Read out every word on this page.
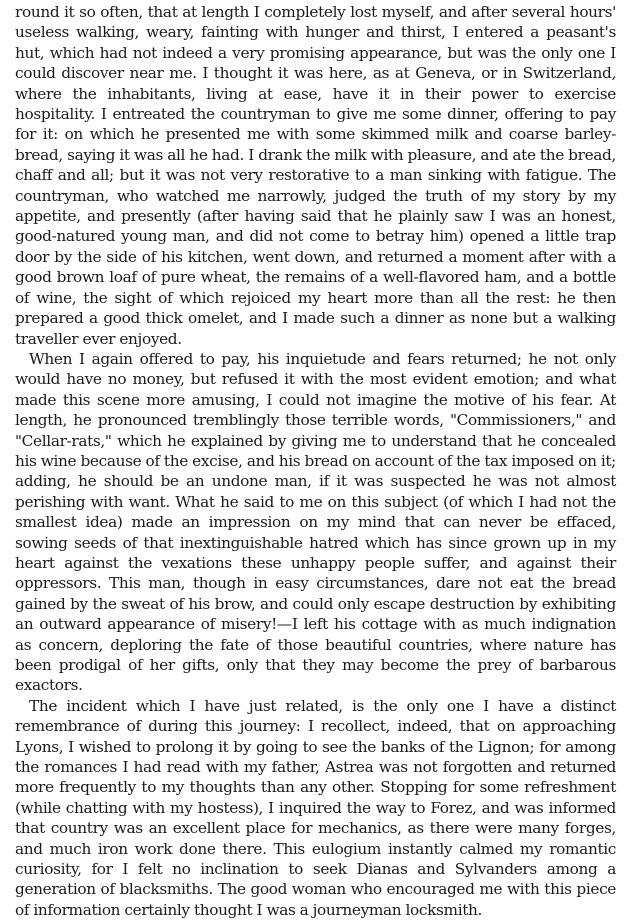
round it so often, that at length I completely lost myself, and after several hours' useless walking, weary, fainting with hunger and thirst, I entered a peasant's hut, which had not indeed a very promising appearance, but was the only one I could discover near me. I thought it was here, as at Geneva, or in Switzerland, where the inhabitants, living at ease, have it in their power to exercise hospitality. I entreated the countryman to give me some dinner, offering to pay for it: on which he presented me with some skimmed milk and coarse barley-bread, saying it was all he had. I drank the milk with pleasure, and ate the bread, chaff and all; but it was not very restorative to a man sinking with fatigue. The countryman, who watched me narrowly, judged the truth of my story by my appetite, and presently (after having said that he plainly saw I was an honest, good-natured young man, and did not come to betray him) opened a little trap door by the side of his kitchen, went down, and returned a moment after with a good brown loaf of pure wheat, the remains of a well-flavored ham, and a bottle of wine, the sight of which rejoiced my heart more than all the rest: he then prepared a good thick omelet, and I made such a dinner as none but a walking traveller ever enjoyed.

When I again offered to pay, his inquietude and fears returned; he not only would have no money, but refused it with the most evident emotion; and what made this scene more amusing, I could not imagine the motive of his fear. At length, he pronounced tremblingly those terrible words, "Commissioners," and "Cellar-rats," which he explained by giving me to understand that he concealed his wine because of the excise, and his bread on account of the tax imposed on it; adding, he should be an undone man, if it was suspected he was not almost perishing with want. What he said to me on this subject (of which I had not the smallest idea) made an impression on my mind that can never be effaced, sowing seeds of that inextinguishable hatred which has since grown up in my heart against the vexations these unhappy people suffer, and against their oppressors. This man, though in easy circumstances, dare not eat the bread gained by the sweat of his brow, and could only escape destruction by exhibiting an outward appearance of misery!—I left his cottage with as much indignation as concern, deploring the fate of those beautiful countries, where nature has been prodigal of her gifts, only that they may become the prey of barbarous exactors.

The incident which I have just related, is the only one I have a distinct remembrance of during this journey: I recollect, indeed, that on approaching Lyons, I wished to prolong it by going to see the banks of the Lignon; for among the romances I had read with my father, Astrea was not forgotten and returned more frequently to my thoughts than any other. Stopping for some refreshment (while chatting with my hostess), I inquired the way to Forez, and was informed that country was an excellent place for mechanics, as there were many forges, and much iron work done there. This eulogium instantly calmed my romantic curiosity, for I felt no inclination to seek Dianas and Sylvanders among a generation of blacksmiths. The good woman who encouraged me with this piece of information certainly thought I was a journeyman locksmith.
